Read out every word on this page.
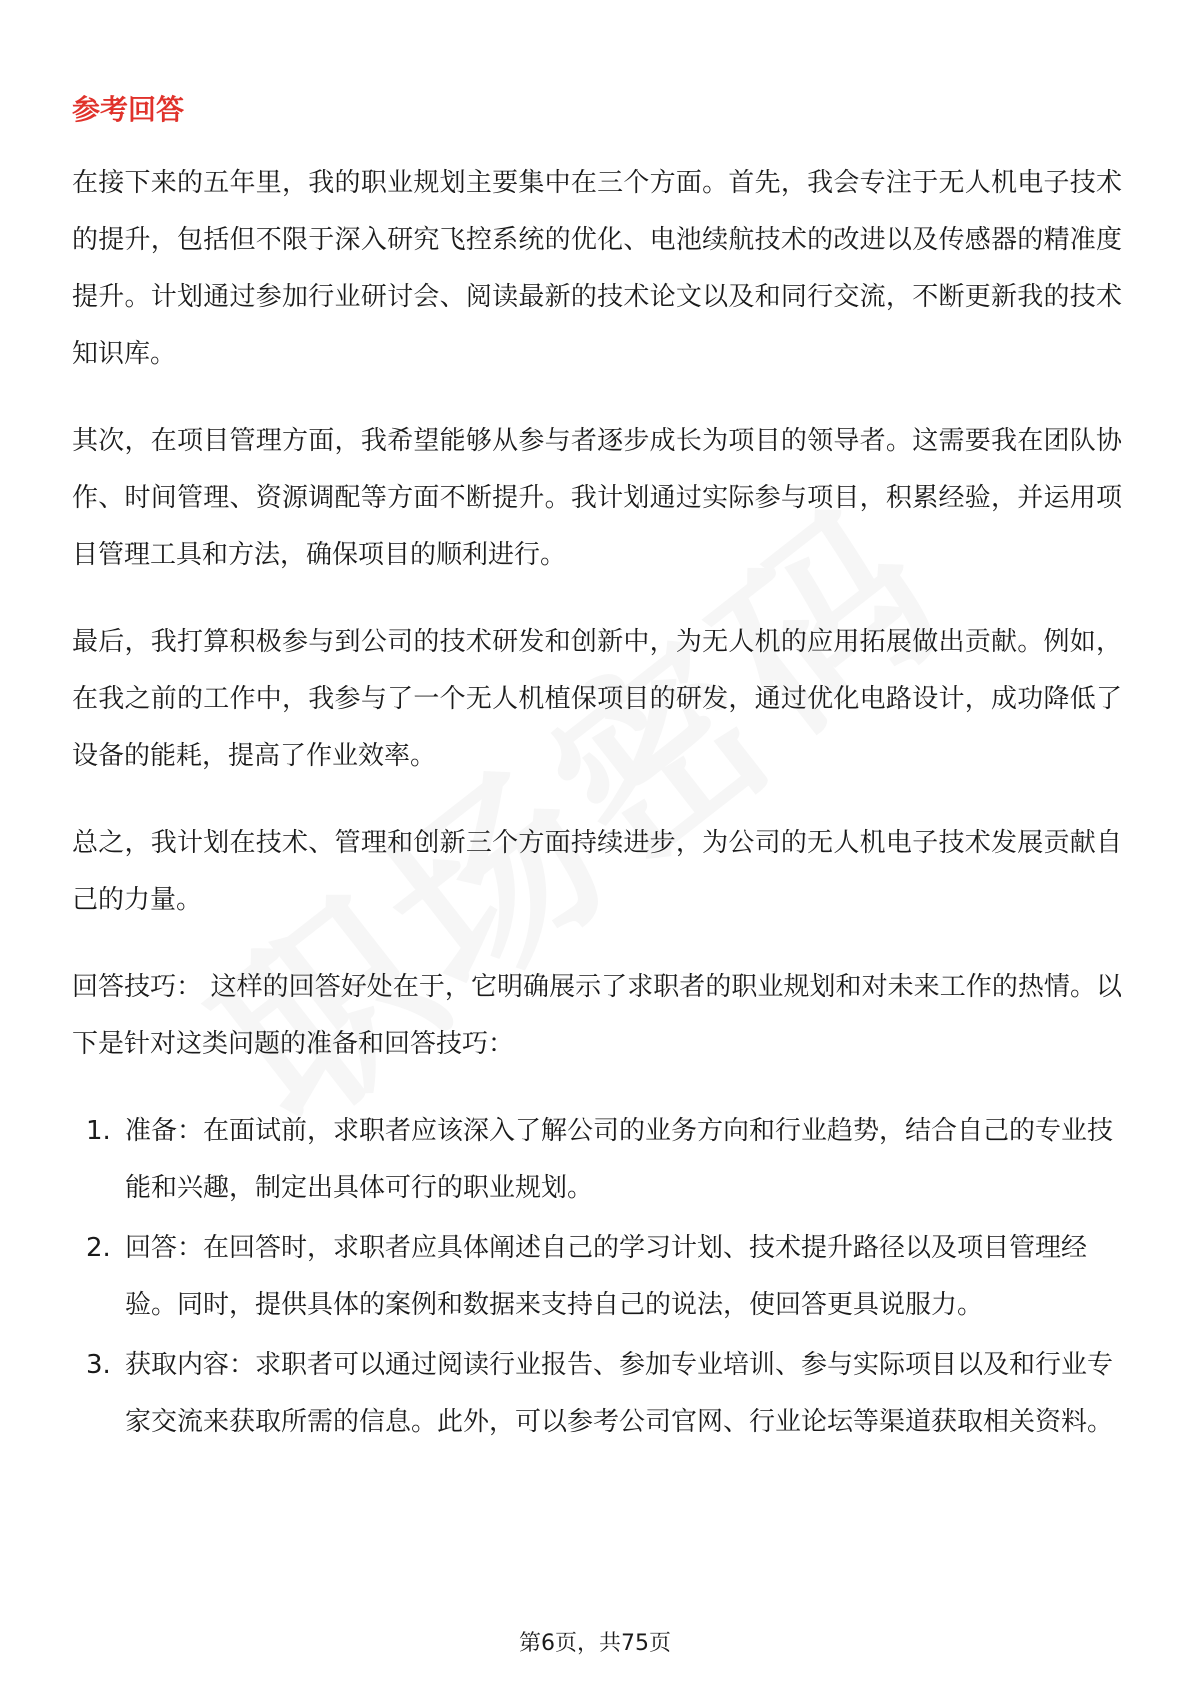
参考回答

在接下来的五年里，我的职业规划主要集中在三个方面。首先，我会专注于无人机电子技术的提升，包括但不限于深入研究飞控系统的优化、电池续航技术的改进以及传感器的精准度提升。计划通过参加行业研讨会、阅读最新的技术论文以及和同行交流，不断更新我的技术知识库。

其次，在项目管理方面，我希望能够从参与者逐步成长为项目的领导者。这需要我在团队协作、时间管理、资源调配等方面不断提升。我计划通过实际参与项目，积累经验，并运用项目管理工具和方法，确保项目的顺利进行。

最后，我打算积极参与到公司的技术研发和创新中，为无人机的应用拓展做出贡献。例如，在我之前的工作中，我参与了一个无人机植保项目的研发，通过优化电路设计，成功降低了设备的能耗，提高了作业效率。

总之，我计划在技术、管理和创新三个方面持续进步，为公司的无人机电子技术发展贡献自己的力量。

回答技巧： 这样的回答好处在于，它明确展示了求职者的职业规划和对未来工作的热情。以下是针对这类问题的准备和回答技巧：

1. 准备：在面试前，求职者应该深入了解公司的业务方向和行业趋势，结合自己的专业技能和兴趣，制定出具体可行的职业规划。
2. 回答：在回答时，求职者应具体阐述自己的学习计划、技术提升路径以及项目管理经验。同时，提供具体的案例和数据来支持自己的说法，使回答更具说服力。
3. 获取内容：求职者可以通过阅读行业报告、参加专业培训、参与实际项目以及和行业专家交流来获取所需的信息。此外，可以参考公司官网、行业论坛等渠道获取相关资料。
第6页，共75页
